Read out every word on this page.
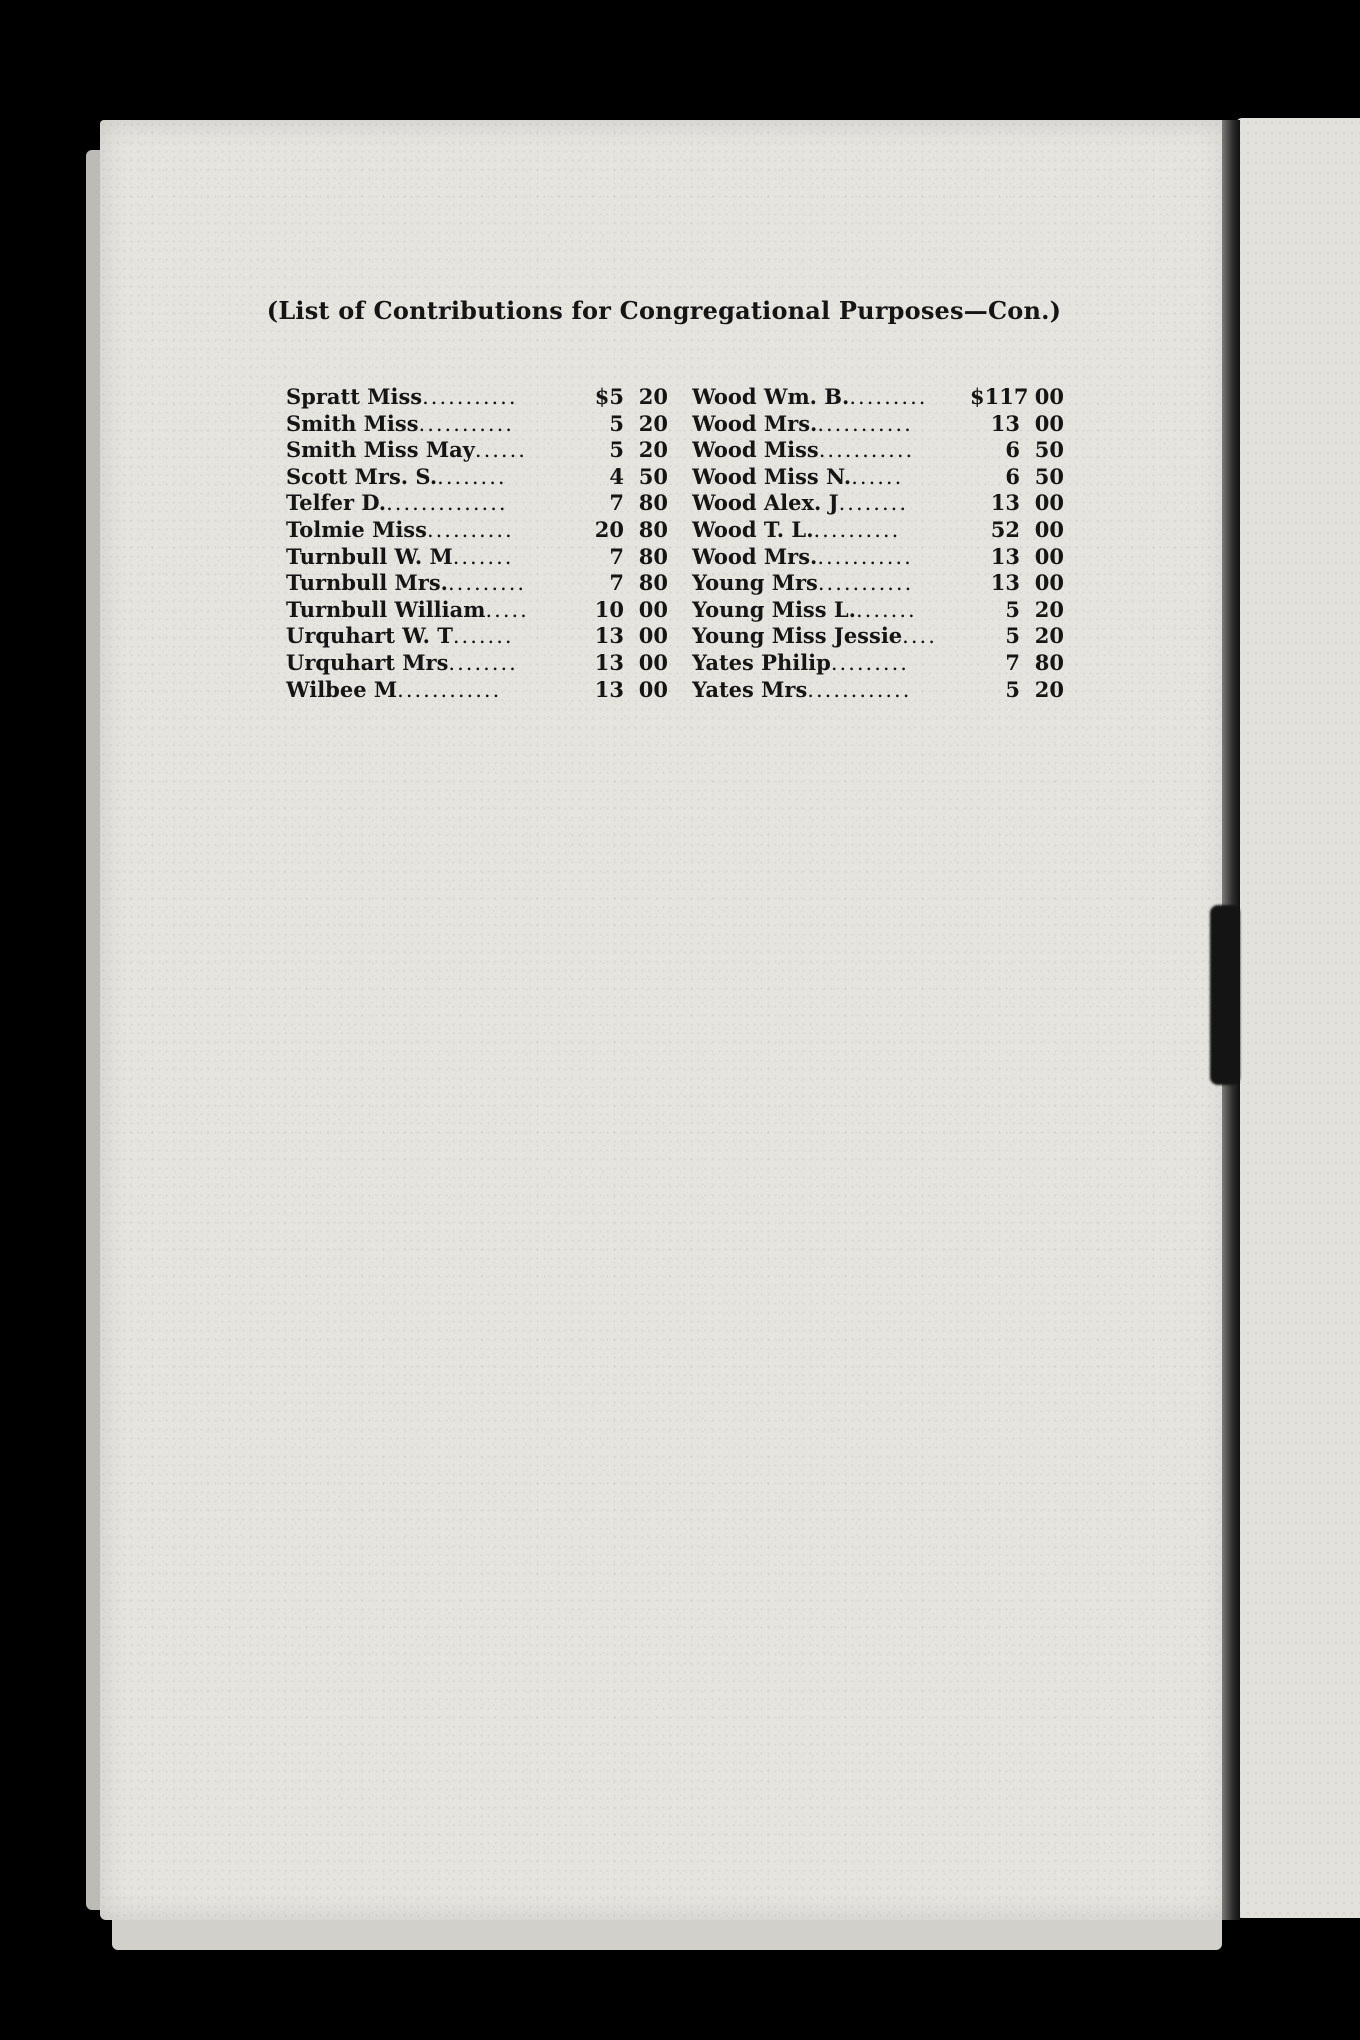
(List of Contributions for Congregational Purposes—Con.)
Spratt Miss...........	$5 20
Smith Miss...........	5 20
Smith Miss May......	5 20
Scott Mrs. S.........	4 50
Telfer D...............	7 80
Tolmie Miss..........	20 80
Turnbull W. M.......	7 80
Turnbull Mrs..........	7 80
Turnbull William.....	10 00
Urquhart W. T.......	13 00
Urquhart Mrs........	13 00
Wilbee M............	13 00
Wood Wm. B..........	$117 00
Wood Mrs............	13 00
Wood Miss...........	6 50
Wood Miss N.......	6 50
Wood Alex. J........	13 00
Wood T. L...........	52 00
Wood Mrs............	13 00
Young Mrs...........	13 00
Young Miss L........	5 20
Young Miss Jessie....	5 20
Yates Philip.........	7 80
Yates Mrs............	5 20
